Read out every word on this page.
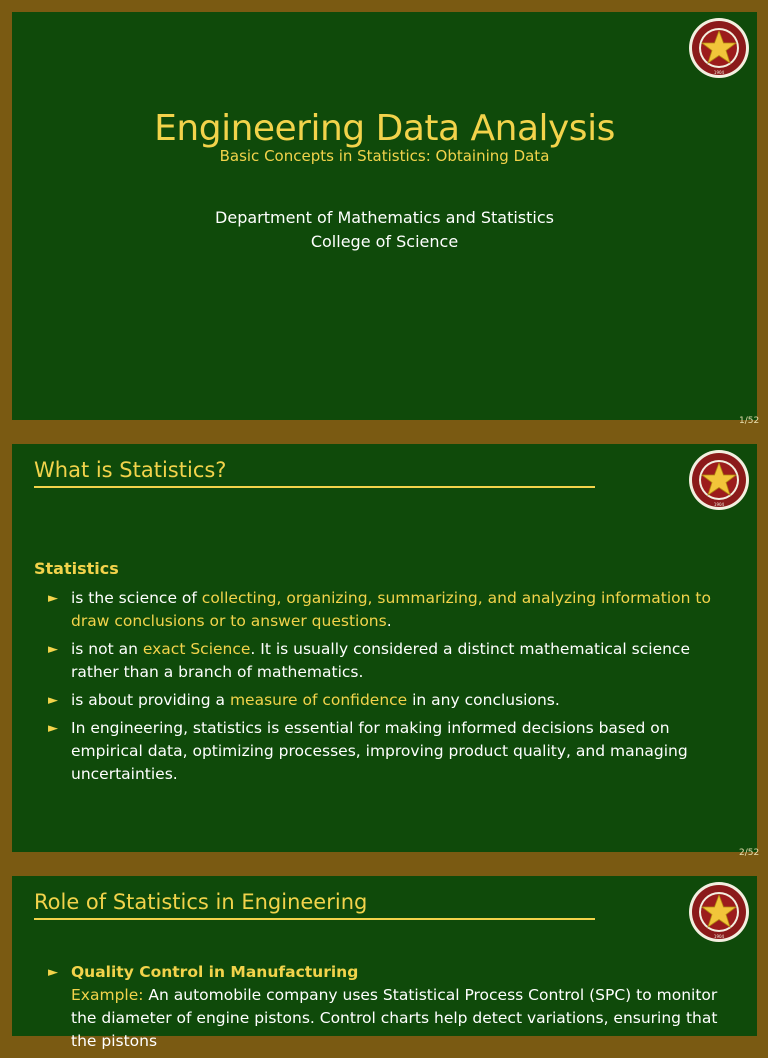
1904
Engineering Data Analysis
Basic Concepts in Statistics: Obtaining Data
Department of Mathematics and Statistics
College of Science
1/52
What is Statistics?
1904
Statistics
► is the science of collecting, organizing, summarizing, and analyzing information to draw conclusions or to answer questions.
► is not an exact Science. It is usually considered a distinct mathematical science rather than a branch of mathematics.
► is about providing a measure of confidence in any conclusions.
► In engineering, statistics is essential for making informed decisions based on empirical data, optimizing processes, improving product quality, and managing uncertainties.
2/52
Role of Statistics in Engineering
1904
► Quality Control in Manufacturing
Example: An automobile company uses Statistical Process Control (SPC) to monitor the diameter of engine pistons. Control charts help detect variations, ensuring that the pistons
